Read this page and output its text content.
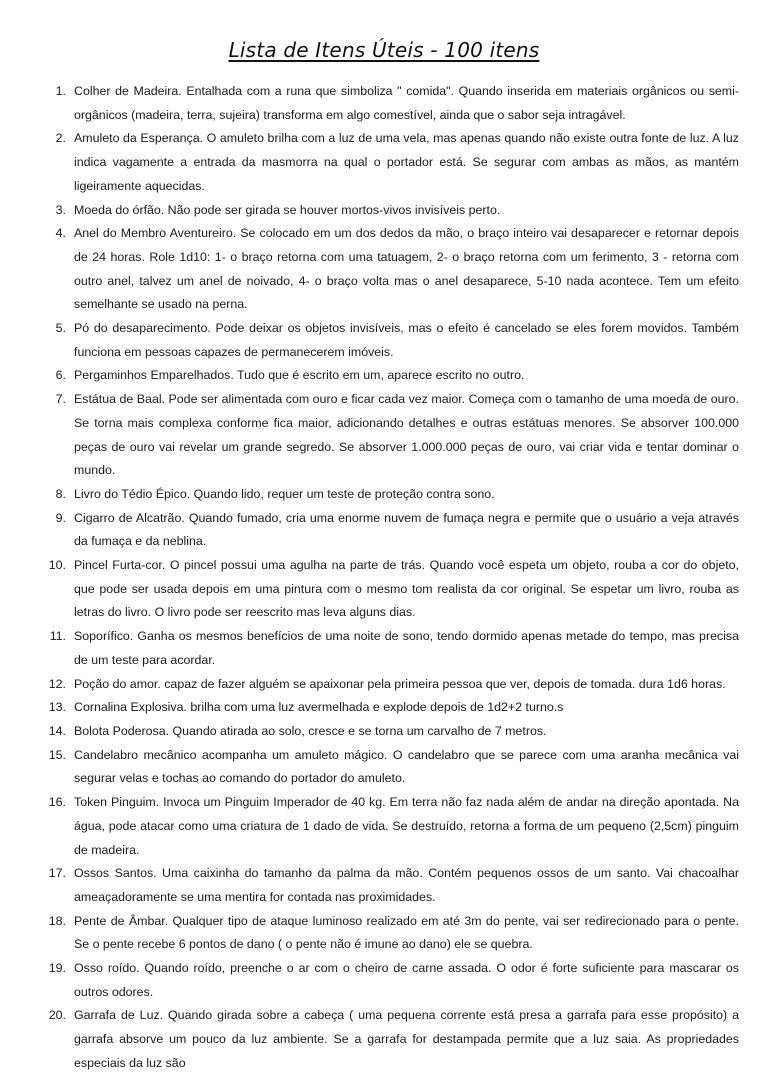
Lista de Itens Úteis - 100 itens
1. Colher de Madeira. Entalhada com a runa que simboliza " comida". Quando inserida em materiais orgânicos ou semi-orgânicos (madeira, terra, sujeira) transforma em algo comestível, ainda que o sabor seja intragável.
2. Amuleto da Esperança. O amuleto brilha com a luz de uma vela, mas apenas quando não existe outra fonte de luz. A luz indica vagamente a entrada da masmorra na qual o portador está. Se segurar com ambas as mãos, as mantém ligeiramente aquecidas.
3. Moeda do órfão. Não pode ser girada se houver mortos-vivos invisíveis perto.
4. Anel do Membro Aventureiro. Se colocado em um dos dedos da mão, o braço inteiro vai desaparecer e retornar depois de 24 horas. Role 1d10: 1- o braço retorna com uma tatuagem, 2- o braço retorna com um ferimento, 3 - retorna com outro anel, talvez um anel de noivado, 4- o braço volta mas o anel desaparece, 5-10 nada acontece. Tem um efeito semelhante se usado na perna.
5. Pó do desaparecimento. Pode deixar os objetos invisíveis, mas o efeito é cancelado se eles forem movidos. Também funciona em pessoas capazes de permanecerem imóveis.
6. Pergaminhos Emparelhados. Tudo que é escrito em um, aparece escrito no outro.
7. Estátua de Baal. Pode ser alimentada com ouro e ficar cada vez maior. Começa com o tamanho de uma moeda de ouro. Se torna mais complexa conforme fica maior, adicionando detalhes e outras estátuas menores. Se absorver 100.000 peças de ouro vai revelar um grande segredo. Se absorver 1.000.000 peças de ouro, vai criar vida e tentar dominar o mundo.
8. Livro do Tédio Épico. Quando lido, requer um teste de proteção contra sono.
9. Cigarro de Alcatrão. Quando fumado, cria uma enorme nuvem de fumaça negra e permite que o usuário a veja através da fumaça e da neblina.
10. Pincel Furta-cor. O pincel possui uma agulha na parte de trás. Quando você espeta um objeto, rouba a cor do objeto, que pode ser usada depois em uma pintura com o mesmo tom realista da cor original. Se espetar um livro, rouba as letras do livro. O livro pode ser reescrito mas leva alguns dias.
11. Soporífico. Ganha os mesmos benefícios de uma noite de sono, tendo dormido apenas metade do tempo, mas precisa de um teste para acordar.
12. Poção do amor. capaz de fazer alguém se apaixonar pela primeira pessoa que ver, depois de tomada. dura 1d6 horas.
13. Cornalina Explosiva. brilha com uma luz avermelhada e explode depois de 1d2+2 turno.s
14. Bolota Poderosa. Quando atirada ao solo, cresce e se torna um carvalho de 7 metros.
15. Candelabro mecânico acompanha um amuleto mágico. O candelabro que se parece com uma aranha mecânica vai segurar velas e tochas ao comando do portador do amuleto.
16. Token Pinguim. Invoca um Pinguim Imperador de 40 kg. Em terra não faz nada além de andar na direção apontada. Na água, pode atacar como uma criatura de 1 dado de vida. Se destruído, retorna a forma de um pequeno (2,5cm) pinguim de madeira.
17. Ossos Santos. Uma caixinha do tamanho da palma da mão. Contém pequenos ossos de um santo. Vai chacoalhar ameaçadoramente se uma mentira for contada nas proximidades.
18. Pente de Âmbar. Qualquer tipo de ataque luminoso realizado em até 3m do pente, vai ser redirecionado para o pente. Se o pente recebe 6 pontos de dano ( o pente não é imune ao dano) ele se quebra.
19. Osso roído. Quando roído, preenche o ar com o cheiro de carne assada. O odor é forte suficiente para mascarar os outros odores.
20. Garrafa de Luz. Quando girada sobre a cabeça ( uma pequena corrente está presa a garrafa para esse propósito) a garrafa absorve um pouco da luz ambiente. Se a garrafa for destampada permite que a luz saia. As propriedades especiais da luz são
